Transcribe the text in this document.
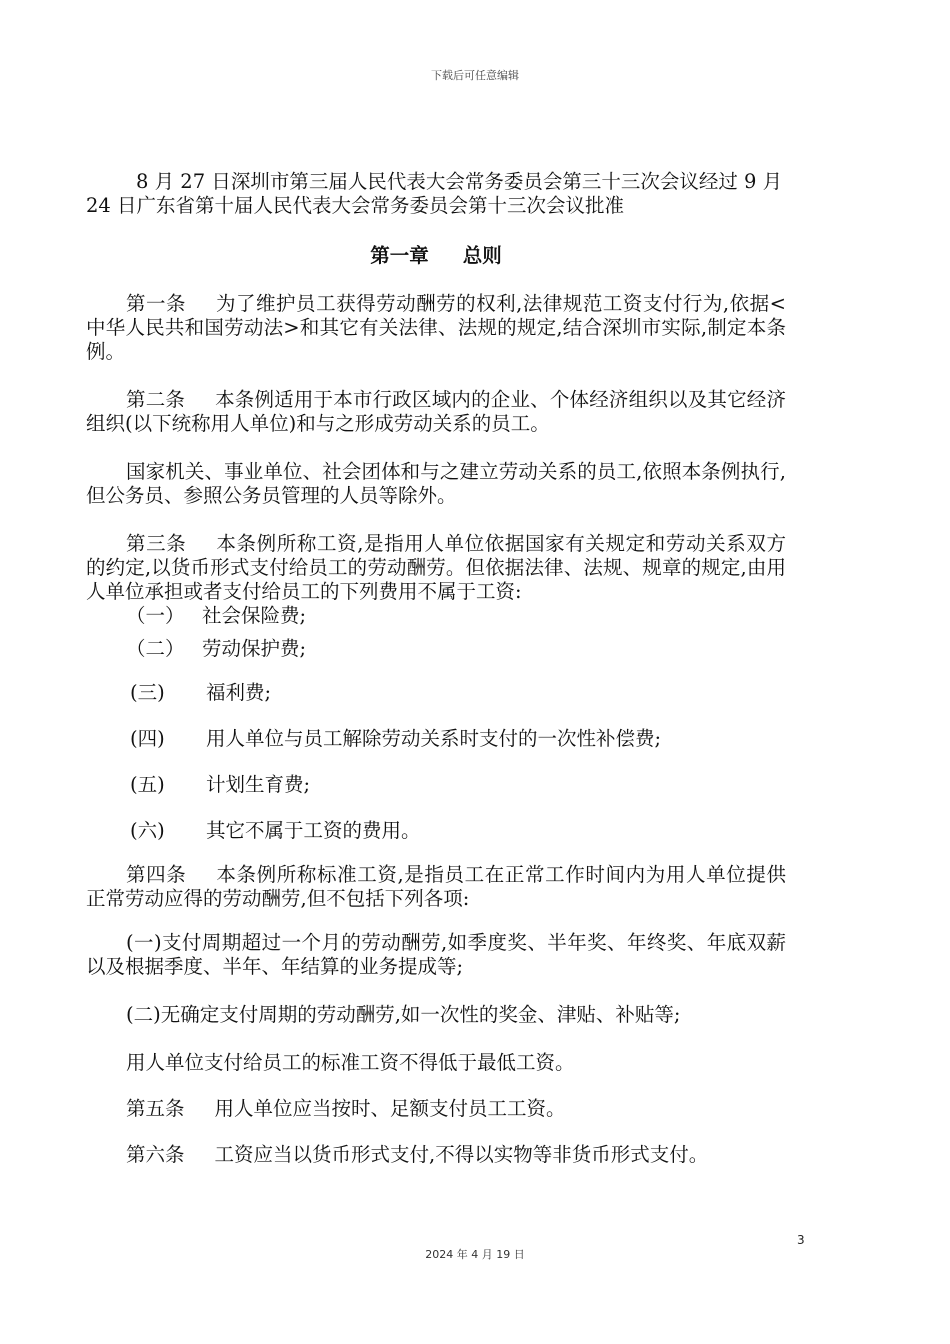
下载后可任意编辑

8 月 27 日深圳市第三届人民代表大会常务委员会第三十三次会议经过 9 月 24 日广东省第十届人民代表大会常务委员会第十三次会议批准

第一章 总则

第一条 为了维护员工获得劳动酬劳的权利,法律规范工资支付行为,依据<中华人民共和国劳动法>和其它有关法律、法规的规定,结合深圳市实际,制定本条例。

第二条 本条例适用于本市行政区域内的企业、个体经济组织以及其它经济组织(以下统称用人单位)和与之形成劳动关系的员工。

国家机关、事业单位、社会团体和与之建立劳动关系的员工,依照本条例执行,但公务员、参照公务员管理的人员等除外。

第三条 本条例所称工资,是指用人单位依据国家有关规定和劳动关系双方的约定,以货币形式支付给员工的劳动酬劳。但依据法律、法规、规章的规定,由用人单位承担或者支付给员工的下列费用不属于工资:

（一） 社会保险费;

（二） 劳动保护费;

(三) 福利费;

(四) 用人单位与员工解除劳动关系时支付的一次性补偿费;

(五) 计划生育费;

(六) 其它不属于工资的费用。

第四条 本条例所称标准工资,是指员工在正常工作时间内为用人单位提供正常劳动应得的劳动酬劳,但不包括下列各项:

(一)支付周期超过一个月的劳动酬劳,如季度奖、半年奖、年终奖、年底双薪以及根据季度、半年、年结算的业务提成等;

(二)无确定支付周期的劳动酬劳,如一次性的奖金、津贴、补贴等;

用人单位支付给员工的标准工资不得低于最低工资。

第五条 用人单位应当按时、足额支付员工工资。

第六条 工资应当以货币形式支付,不得以实物等非货币形式支付。

3
2024 年 4 月 19 日
